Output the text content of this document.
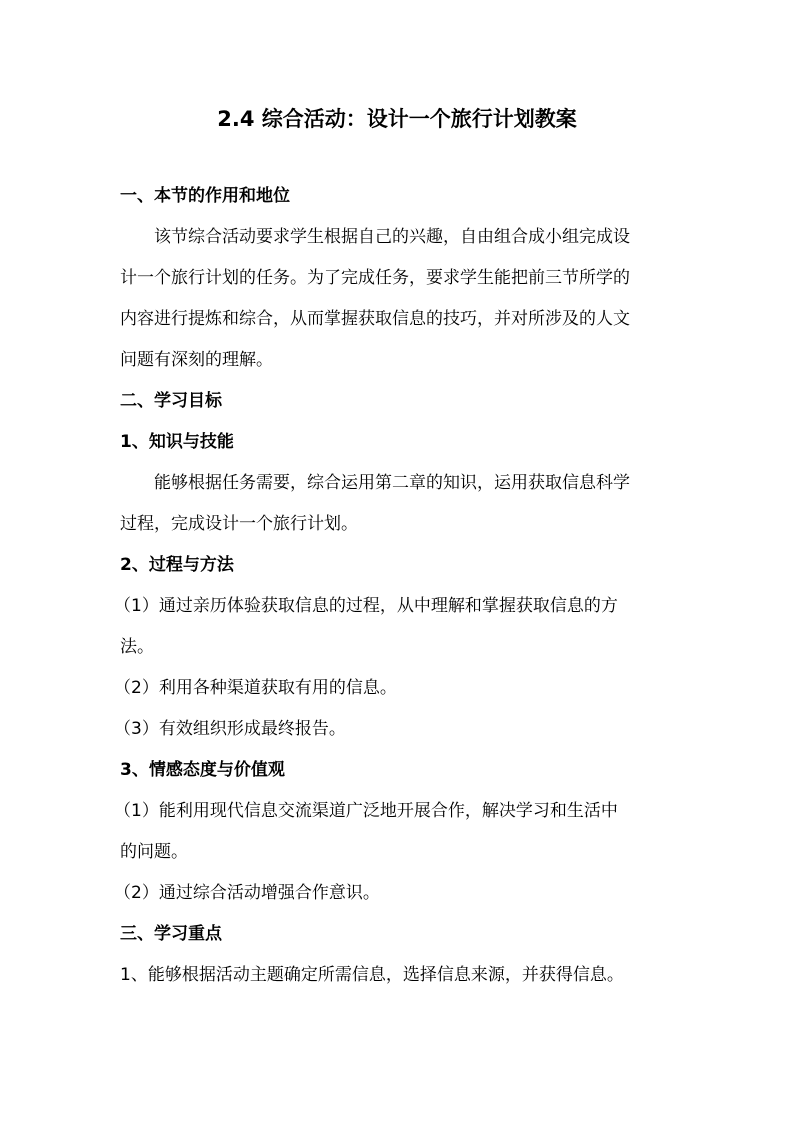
2.4 综合活动：设计一个旅行计划教案
一、本节的作用和地位
该节综合活动要求学生根据自己的兴趣，自由组合成小组完成设
计一个旅行计划的任务。为了完成任务，要求学生能把前三节所学的
内容进行提炼和综合，从而掌握获取信息的技巧，并对所涉及的人文
问题有深刻的理解。
二、学习目标
1、知识与技能
能够根据任务需要，综合运用第二章的知识，运用获取信息科学
过程，完成设计一个旅行计划。
2、过程与方法
（1）通过亲历体验获取信息的过程，从中理解和掌握获取信息的方
法。
（2）利用各种渠道获取有用的信息。
（3）有效组织形成最终报告。
3、情感态度与价值观
（1）能利用现代信息交流渠道广泛地开展合作，解决学习和生活中
的问题。
（2）通过综合活动增强合作意识。
三、学习重点
1、能够根据活动主题确定所需信息，选择信息来源，并获得信息。
